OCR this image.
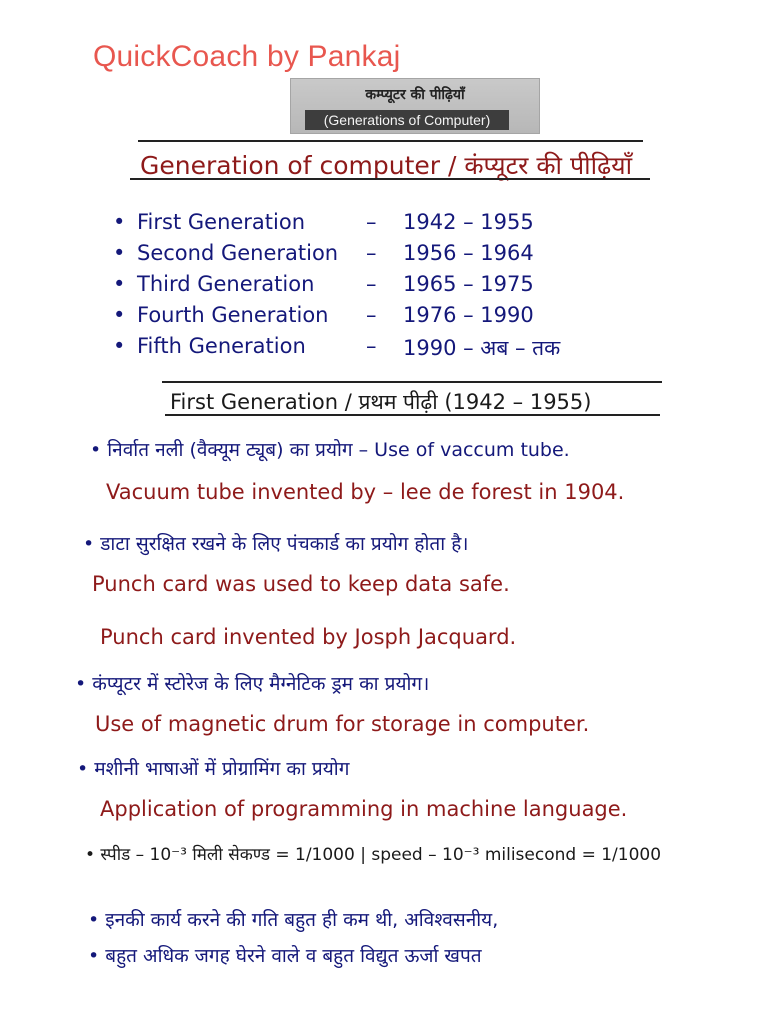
QuickCoach by Pankaj
कम्प्यूटर की पीढ़ियाँ
(Generations of Computer)
Generation of computer / कंप्यूटर की पीढ़ियाँ
• First Generation	– 1942 – 1955
• Second Generation – 1956 – 1964
• Third Generation – 1965 – 1975
• Fourth Generation – 1976 – 1990
• Fifth Generation	– 1990 – अब – तक
First Generation / प्रथम पीढ़ी (1942 – 1955)
• निर्वात नली (वैक्यूम ट्यूब) का प्रयोग – Use of vaccum tube.
Vacuum tube invented by – lee de forest in 1904.
• डाटा सुरक्षित रखने के लिए पंचकार्ड का प्रयोग होता है।
Punch card was used to keep data safe.
Punch card invented by Josph Jacquard.
• कंप्यूटर में स्टोरेज के लिए मैग्नेटिक ड्रम का प्रयोग।
Use of magnetic drum for storage in computer.
• मशीनी भाषाओं में प्रोग्रामिंग का प्रयोग
Application of programming in machine language.
• स्पीड – 10⁻³ मिली सेकण्ड = 1/1000 | speed – 10⁻³ milisecond = 1/1000
• इनकी कार्य करने की गति बहुत ही कम थी, अविश्वसनीय,
• बहुत अधिक जगह घेरने वाले व बहुत विद्युत ऊर्जा खपत
